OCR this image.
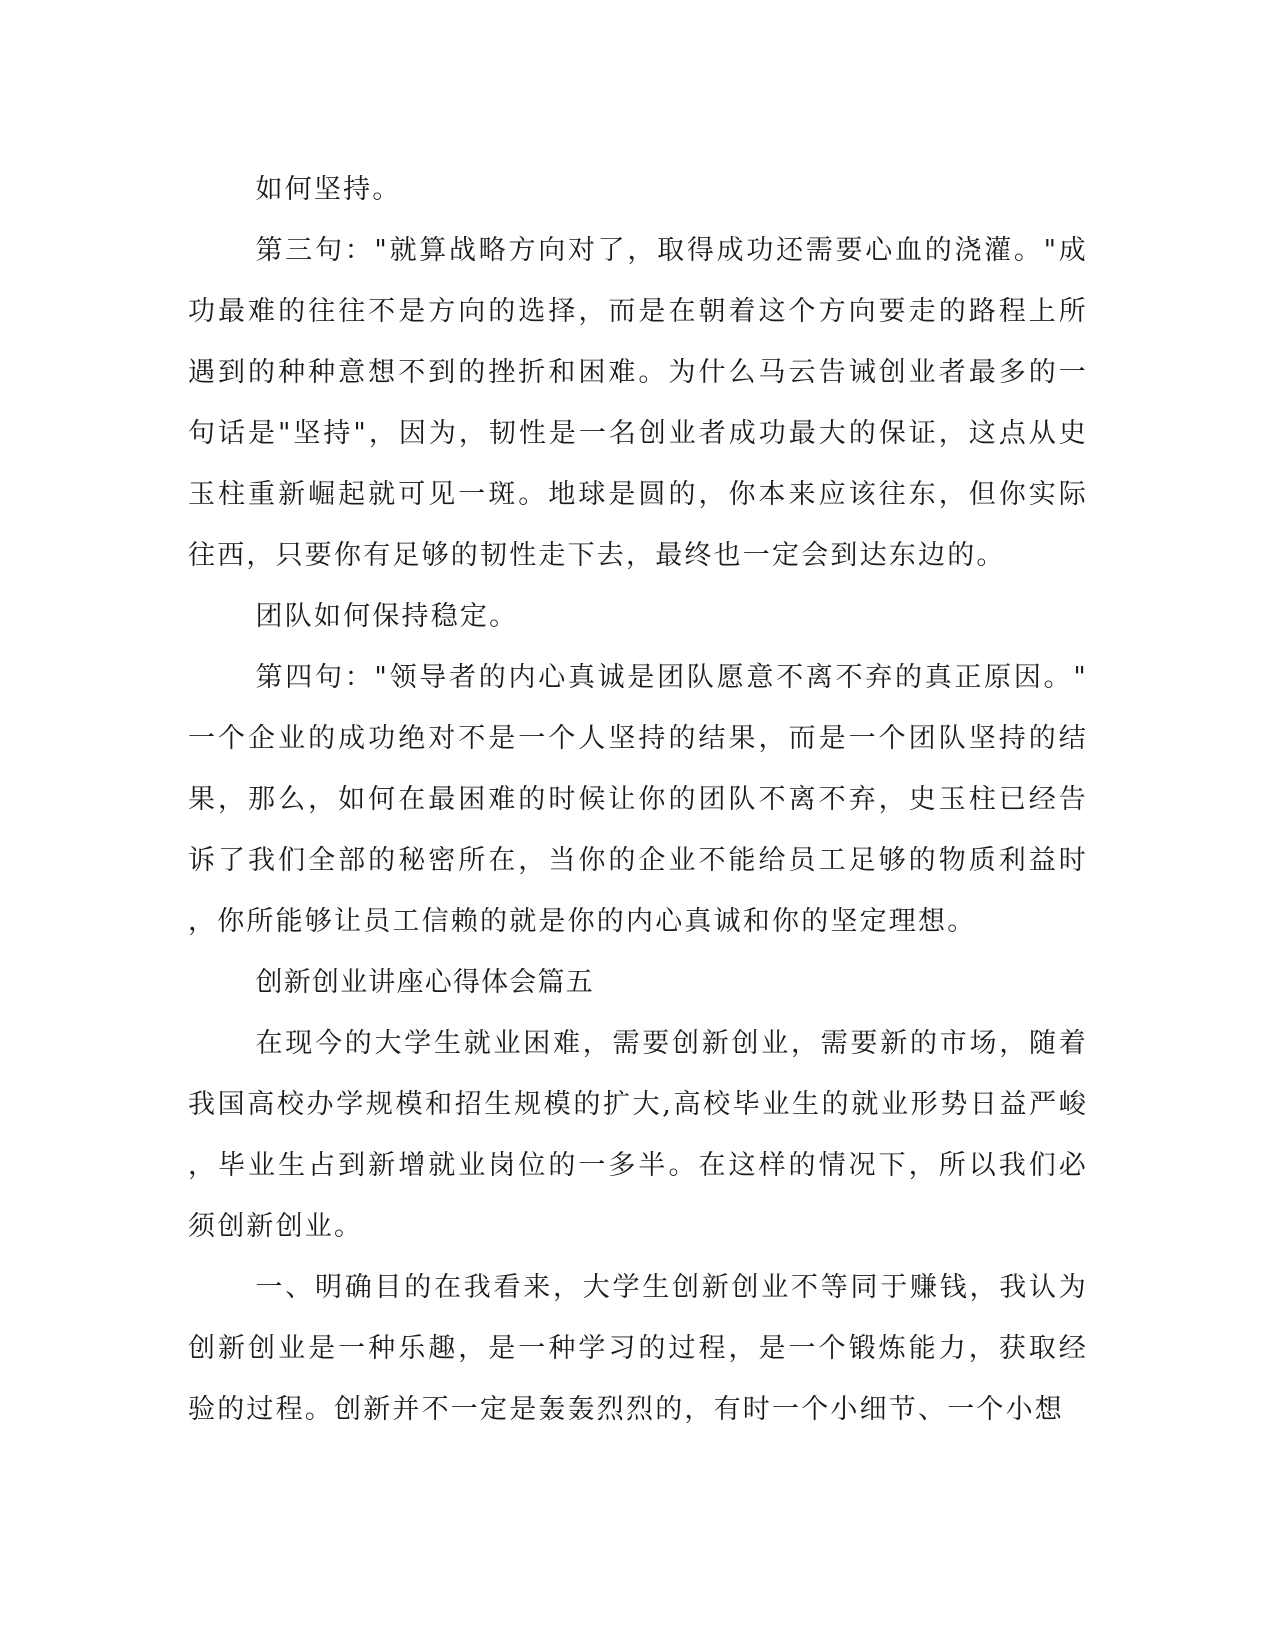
如何坚持。

第三句："就算战略方向对了，取得成功还需要心血的浇灌。"成功最难的往往不是方向的选择，而是在朝着这个方向要走的路程上所遇到的种种意想不到的挫折和困难。为什么马云告诫创业者最多的一句话是"坚持"，因为，韧性是一名创业者成功最大的保证，这点从史玉柱重新崛起就可见一斑。地球是圆的，你本来应该往东，但你实际往西，只要你有足够的韧性走下去，最终也一定会到达东边的。

团队如何保持稳定。

第四句："领导者的内心真诚是团队愿意不离不弃的真正原因。"一个企业的成功绝对不是一个人坚持的结果，而是一个团队坚持的结果，那么，如何在最困难的时候让你的团队不离不弃，史玉柱已经告诉了我们全部的秘密所在，当你的企业不能给员工足够的物质利益时，你所能够让员工信赖的就是你的内心真诚和你的坚定理想。

创新创业讲座心得体会篇五

在现今的大学生就业困难，需要创新创业，需要新的市场，随着我国高校办学规模和招生规模的扩大,高校毕业生的就业形势日益严峻，毕业生占到新增就业岗位的一多半。在这样的情况下，所以我们必须创新创业。

一、明确目的在我看来，大学生创新创业不等同于赚钱，我认为创新创业是一种乐趣，是一种学习的过程，是一个锻炼能力，获取经验的过程。创新并不一定是轰轰烈烈的，有时一个小细节、一个小想
